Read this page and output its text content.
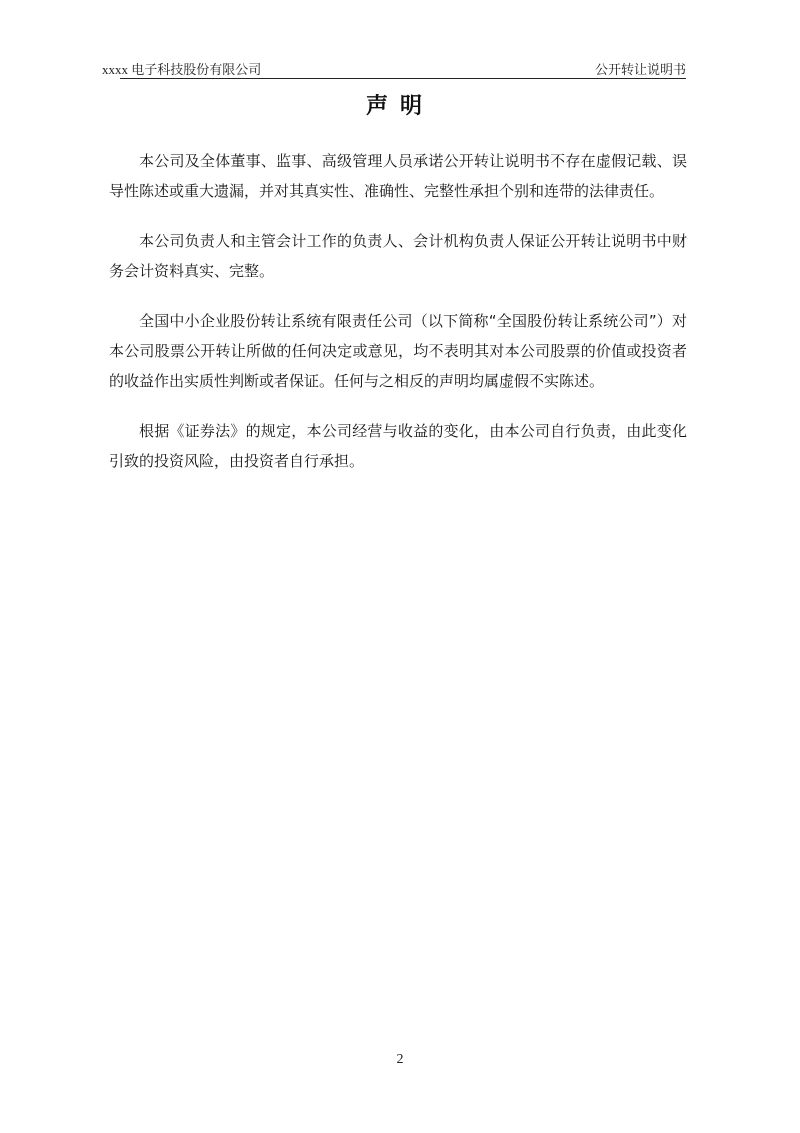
xxxx 电子科技股份有限公司	公开转让说明书
声明

本公司及全体董事、监事、高级管理人员承诺公开转让说明书不存在虚假记载、误导性陈述或重大遗漏，并对其真实性、准确性、完整性承担个别和连带的法律责任。

本公司负责人和主管会计工作的负责人、会计机构负责人保证公开转让说明书中财务会计资料真实、完整。

全国中小企业股份转让系统有限责任公司（以下简称“全国股份转让系统公司”）对本公司股票公开转让所做的任何决定或意见，均不表明其对本公司股票的价值或投资者的收益作出实质性判断或者保证。任何与之相反的声明均属虚假不实陈述。

根据《证券法》的规定，本公司经营与收益的变化，由本公司自行负责，由此变化引致的投资风险，由投资者自行承担。

2
